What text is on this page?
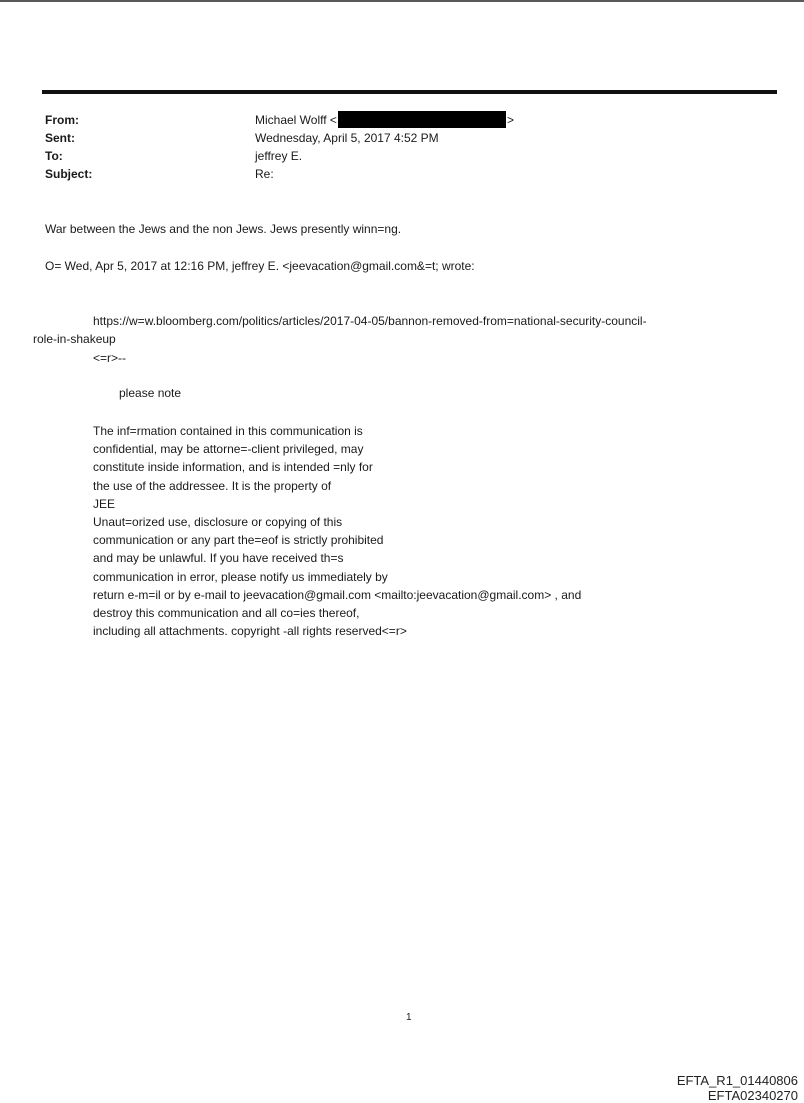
From:	Michael Wolff <	>
Sent:	Wednesday, April 5, 2017 4:52 PM
To:	jeffrey E.
Subject:	Re:
War between the Jews and the non Jews. Jews presently winn=ng.
O= Wed, Apr 5, 2017 at 12:16 PM, jeffrey E. <jeevacation@gmail.com&=t; wrote:
https://w=w.bloomberg.com/politics/articles/2017-04-05/bannon-removed-from=national-security-council-
role-in-shakeup
<=r>--
please note
The inf=rmation contained in this communication is
confidential, may be attorne=-client privileged, may
constitute inside information, and is intended =nly for
the use of the addressee. It is the property of
JEE
Unaut=orized use, disclosure or copying of this
communication or any part the=eof is strictly prohibited
and may be unlawful. If you have received th=s
communication in error, please notify us immediately by
return e-m=il or by e-mail to jeevacation@gmail.com <mailto:jeevacation@gmail.com> , and
destroy this communication and all co=ies thereof,
including all attachments. copyright -all rights reserved<=r>
1
EFTA_R1_01440806
EFTA02340270
